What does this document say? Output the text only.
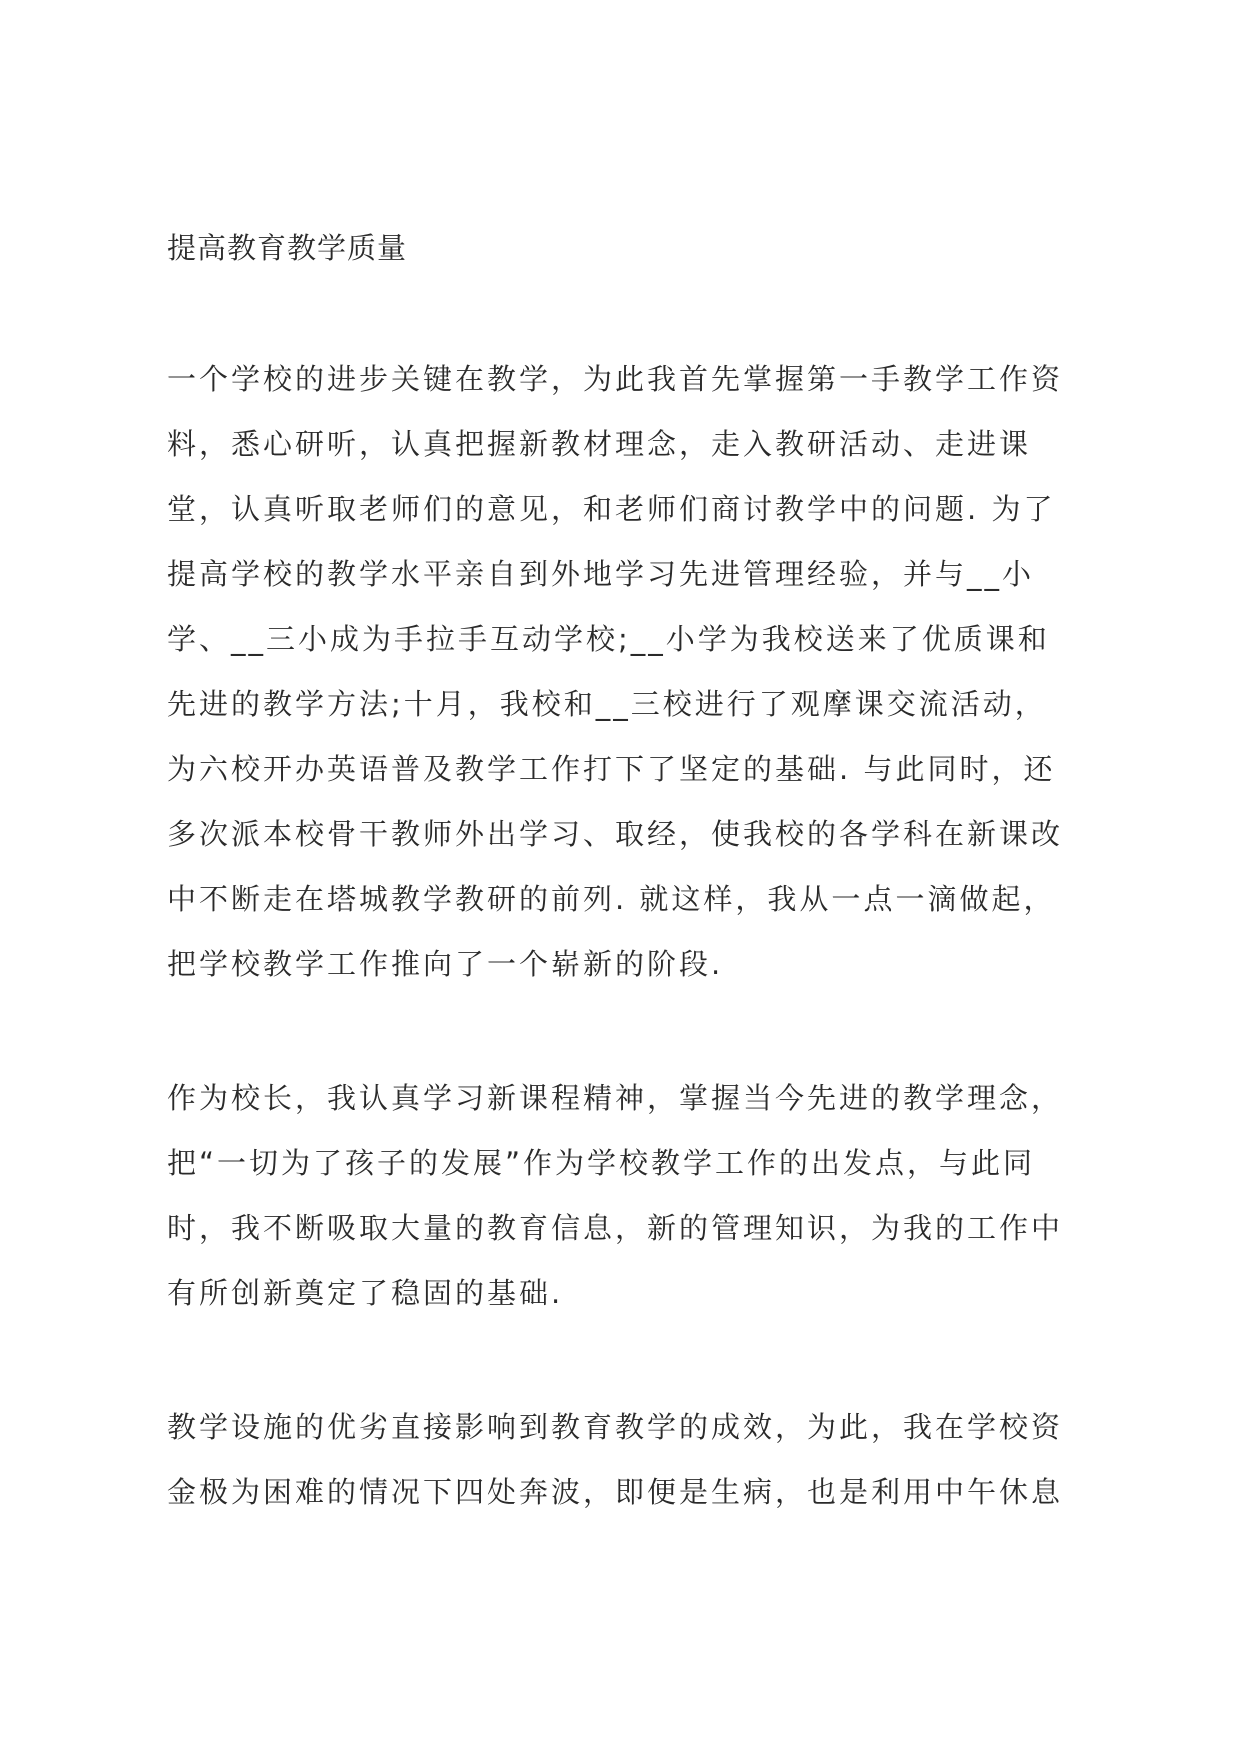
提高教育教学质量
一个学校的进步关键在教学，为此我首先掌握第一手教学工作资
料，悉心研听，认真把握新教材理念，走入教研活动、走进课
堂，认真听取老师们的意见，和老师们商讨教学中的问题. 为了
提高学校的教学水平亲自到外地学习先进管理经验，并与__小
学、__三小成为手拉手互动学校;__小学为我校送来了优质课和
先进的教学方法;十月，我校和__三校进行了观摩课交流活动，
为六校开办英语普及教学工作打下了坚定的基础. 与此同时，还
多次派本校骨干教师外出学习、取经，使我校的各学科在新课改
中不断走在塔城教学教研的前列. 就这样，我从一点一滴做起，
把学校教学工作推向了一个崭新的阶段.
作为校长，我认真学习新课程精神，掌握当今先进的教学理念，
把“一切为了孩子的发展”作为学校教学工作的出发点，与此同
时，我不断吸取大量的教育信息，新的管理知识，为我的工作中
有所创新奠定了稳固的基础.
教学设施的优劣直接影响到教育教学的成效，为此，我在学校资
金极为困难的情况下四处奔波，即便是生病，也是利用中午休息
